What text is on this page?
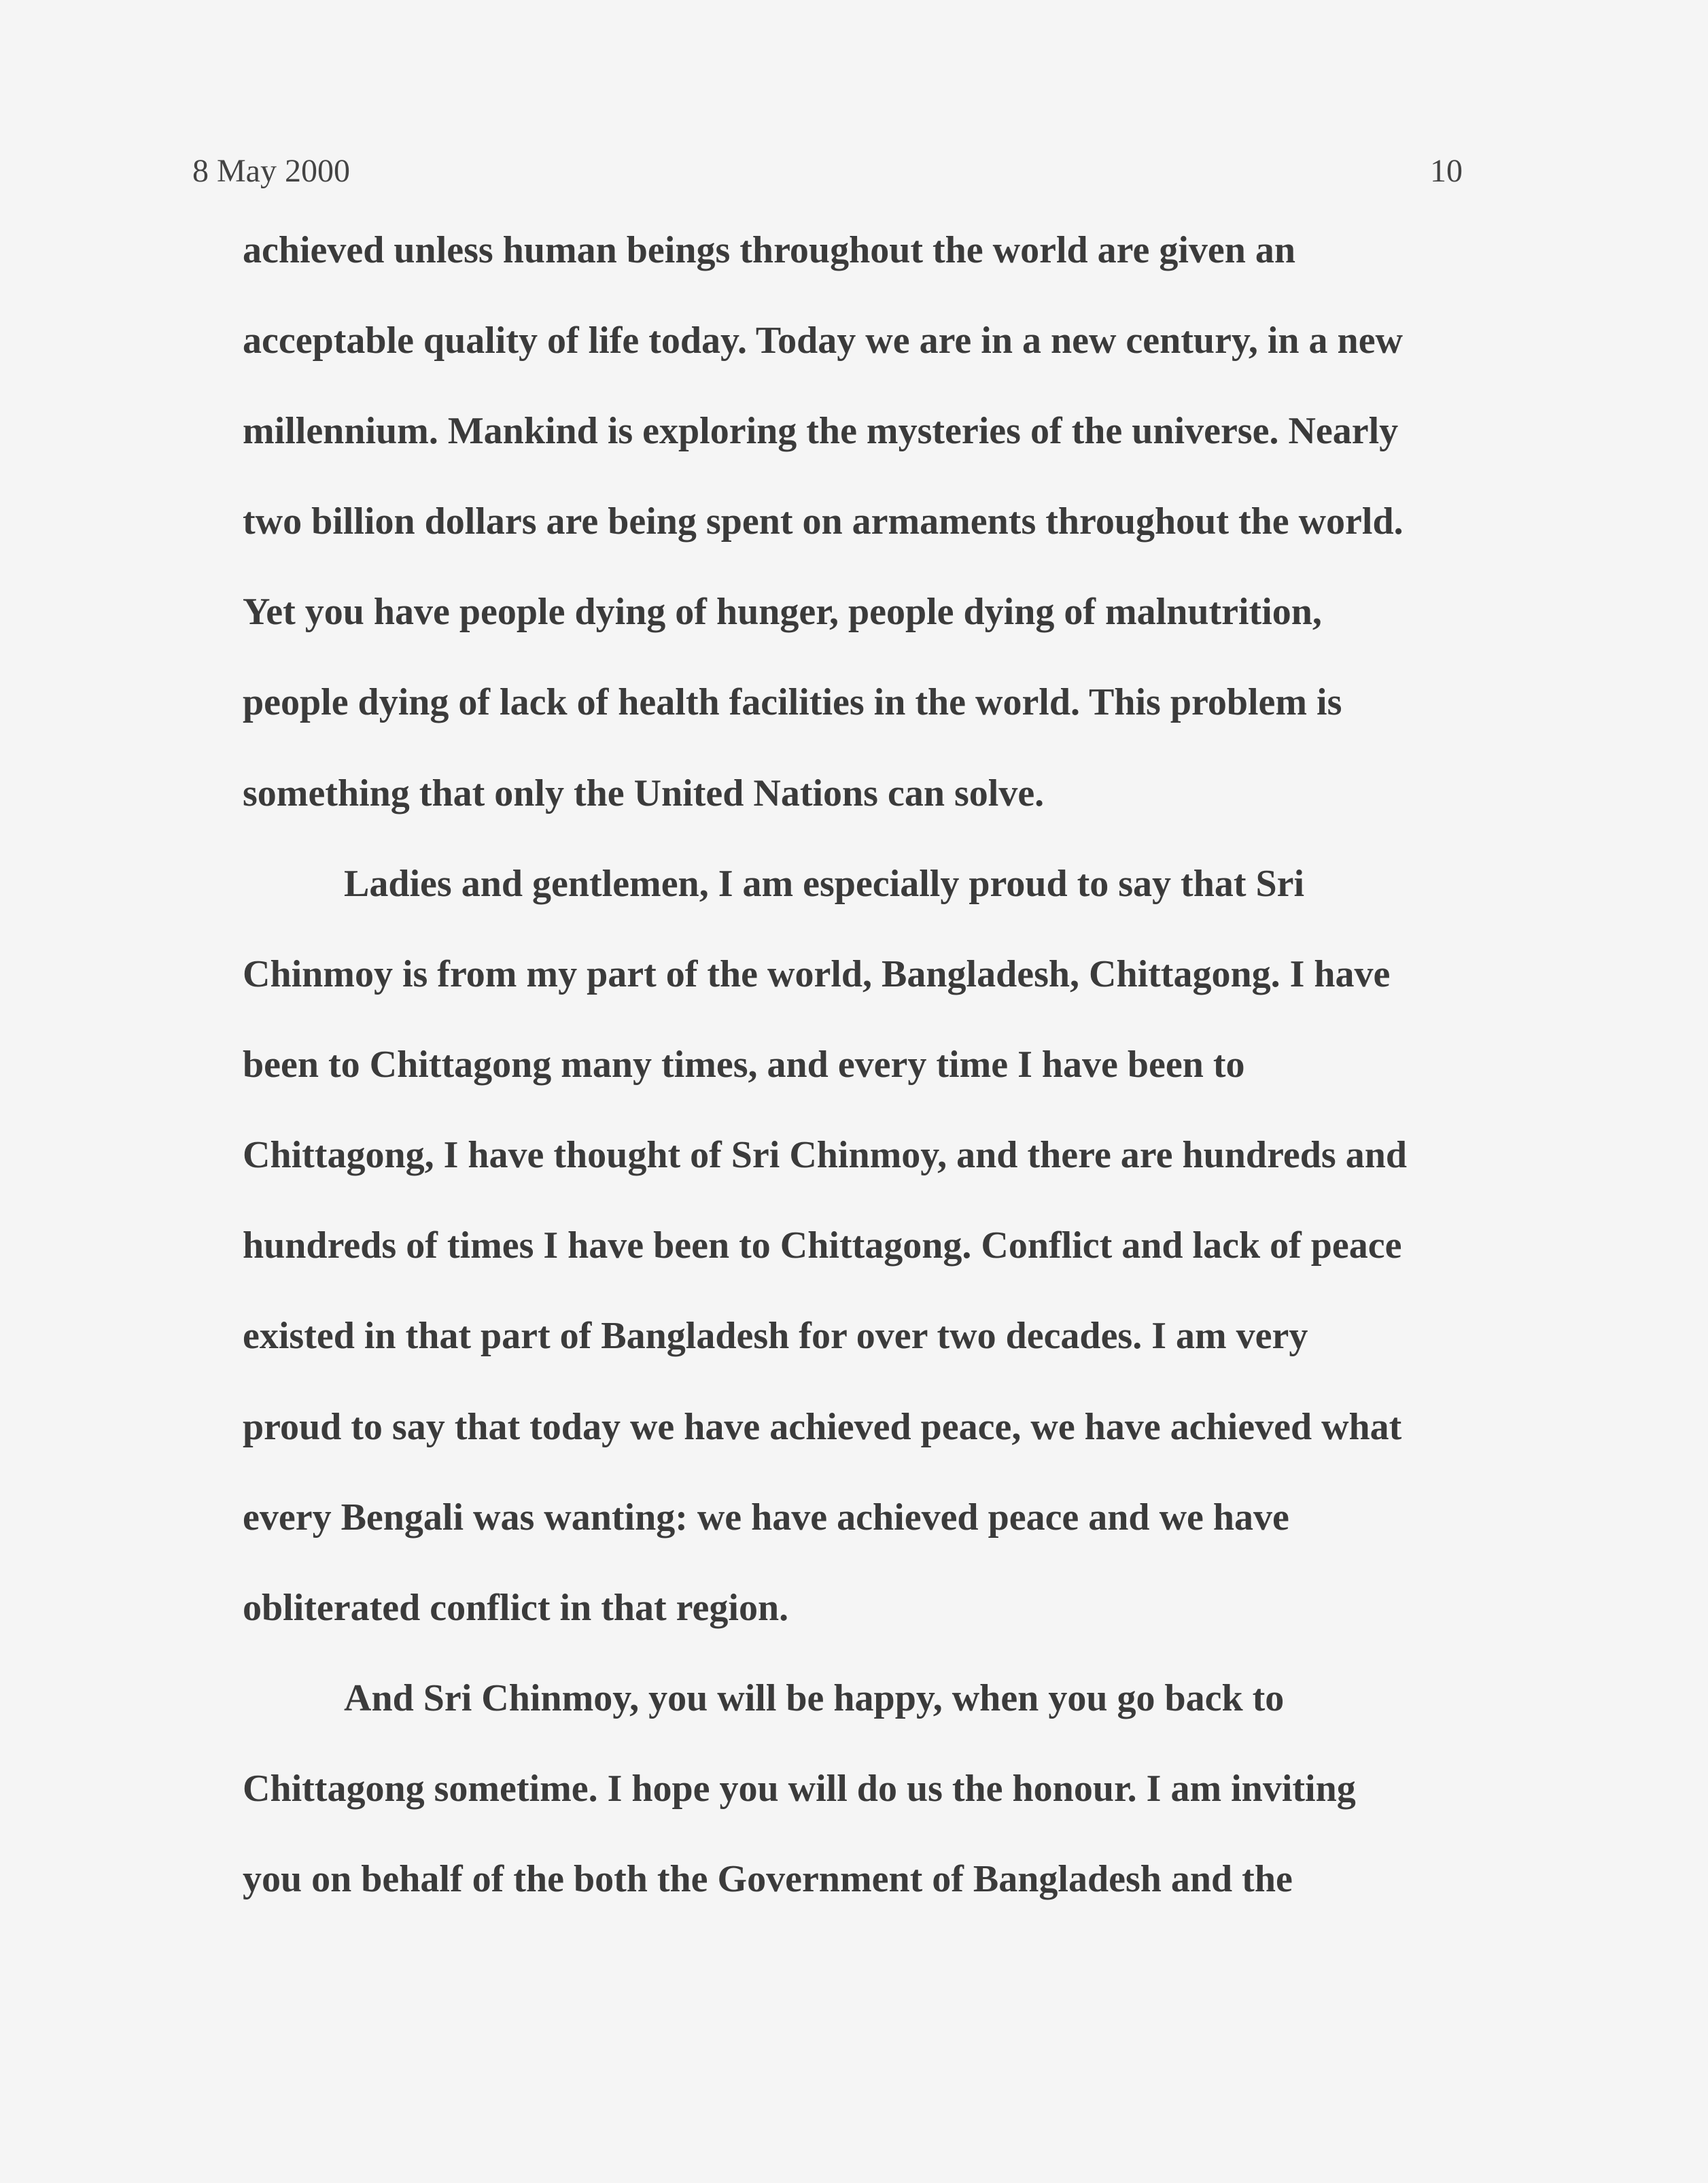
8 May 2000	10
achieved unless human beings throughout the world are given an
acceptable quality of life today. Today we are in a new century, in a new
millennium. Mankind is exploring the mysteries of the universe. Nearly
two billion dollars are being spent on armaments throughout the world.
Yet you have people dying of hunger, people dying of malnutrition,
people dying of lack of health facilities in the world. This problem is
something that only the United Nations can solve.
Ladies and gentlemen, I am especially proud to say that Sri
Chinmoy is from my part of the world, Bangladesh, Chittagong. I have
been to Chittagong many times, and every time I have been to
Chittagong, I have thought of Sri Chinmoy, and there are hundreds and
hundreds of times I have been to Chittagong. Conflict and lack of peace
existed in that part of Bangladesh for over two decades. I am very
proud to say that today we have achieved peace, we have achieved what
every Bengali was wanting: we have achieved peace and we have
obliterated conflict in that region.
And Sri Chinmoy, you will be happy, when you go back to
Chittagong sometime. I hope you will do us the honour. I am inviting
you on behalf of the both the Government of Bangladesh and the
